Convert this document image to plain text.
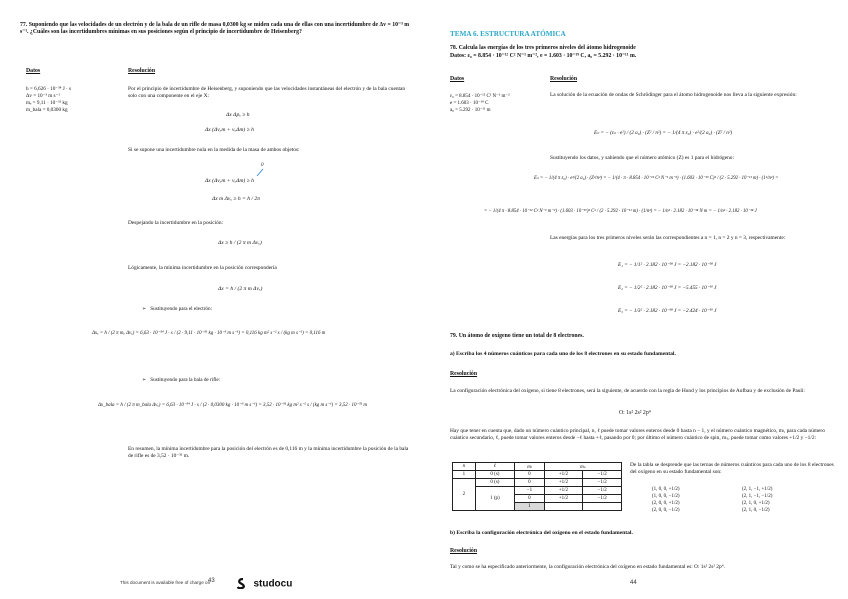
77. Suponiendo que las velocidades de un electrón y de la bala de un rifle de masa 0,0300 kg se miden cada una de ellas con una incertidumbre de Δv = 10⁻³ m s⁻¹. ¿Cuáles son las incertidumbres mínimas en sus posiciones según el principio de incertidumbre de Heisenberg?
Datos	Resolución
h = 6,626 · 10⁻³⁴ J · s
Δv = 10⁻³ m s⁻¹
mₑ = 9,11 · 10⁻³¹ kg
m_bala = 0,0300 kg
Por el principio de incertidumbre de Heisenberg, y suponiendo que las velocidades instantáneas del electrón y de la bala cuentan solo con una componente en el eje X:
Δx Δpₓ ≥ h
Δx (Δvₓm + vₓΔm) ≥ h
Si se supone una incertidumbre nula en la medida de la masa de ambos objetos:
0
Δx (Δvₓm + vₓΔm) ≥ h
Δx m Δvₓ ≥ h = h / 2π
Despejando la incertidumbre en la posición:
Δx ≥ h / (2 π m Δvₓ)
Lógicamente, la mínima incertidumbre en la posición correspondería
Δx = h / (2 π m Δvₓ)
➢   Sustituyendo para el electrón:
Δxₑ = h / (2 π mₑ Δvₓ) = 6,63 · 10⁻³⁴ J · s / (2 · 9,11 · 10⁻³¹ kg · 10⁻³ m s⁻¹) = 0,116 kg m² s⁻² s / (kg m s⁻¹) = 0,116 m
➢   Sustituyendo para la bala de rifle:
Δx_bala = h / (2 π m_bala Δvₓ) = 6,63 · 10⁻³⁴ J · s / (2 · 0,0300 kg · 10⁻³ m s⁻¹) = 3,52 · 10⁻³¹ kg m² s⁻² s / (kg m s⁻¹) = 3,52 · 10⁻³¹ m
En resumen, la mínima incertidumbre para la posición del electrón es de 0,116 m y la mínima incertidumbre la posición de la bala de rifle es de 3,52 · 10⁻³¹ m.
This document is available free of charge on
43	studocu
TEMA 6. ESTRUCTURA ATÓMICA
78. Calcula las energías de los tres primeros niveles del átomo hidrogenoide
Datos: ε₀ = 8.854 · 10⁻¹² C² N⁻¹ m⁻², e = 1.603 · 10⁻¹⁹ C, a₀ = 5.292 · 10⁻¹¹ m.
Datos	Resolución
ε₀ = 8.854 · 10⁻¹² C² N⁻¹ m⁻²
e = 1.603 · 10⁻¹⁹ C
a₀ = 5.292 · 10⁻¹¹ m
La solución de la ecuación de ondas de Schrödinger para el átomo hidrogenoide nos lleva a la siguiente expresión:
Eₙ = − (εₙ · e²) / (2 a₀) · (Z² / n²) = − 1/(4 π ε₀) · e²/(2 a₀) · (Z² / n²)
Sustituyendo los datos, y sabiendo que el número atómico (Z) es 1 para el hidrógeno:
Eₙ = − 1/(4 π ε₀) · e²/(2 a₀) · (Z²/n²) = − 1/(4 · π · 8.854 · 10⁻¹² C² N⁻¹ m⁻²) · (1.603 · 10⁻¹⁹ C)² / (2 · 5.292 · 10⁻¹¹ m) · (1²/n²) =
= − 1/(4 π · 8.854 · 10⁻¹² C² N⁻¹ m⁻²) · (1.603 · 10⁻¹⁹)² C² / (2 · 5.292 · 10⁻¹¹ m) · (1/n²) = − 1/n² · 2.182 · 10⁻¹⁸ N m = − 1/n² · 2.182 · 10⁻¹⁸ J
Las energías para los tres primeros niveles serán las correspondientes a n = 1, n = 2 y n = 3, respectivamente:
E₁ = − 1/1² · 2.182 · 10⁻¹⁸ J = −2.182 · 10⁻¹⁸ J
E₂ = − 1/2² · 2.182 · 10⁻¹⁸ J = −5.455 · 10⁻¹⁹ J
E₃ = − 1/3² · 2.182 · 10⁻¹⁸ J = −2.424 · 10⁻¹⁹ J
79. Un átomo de oxígeno tiene un total de 8 electrones.
a) Escriba los 4 números cuánticos para cada uno de los 8 electrones en su estado fundamental.
Resolución
La configuración electrónica del oxígeno, si tiene 8 electrones, será la siguiente, de acuerdo con la regla de Hund y los principios de Aufbau y de exclusión de Pauli:
O: 1s² 2s² 2p⁴
Hay que tener en cuenta que, dado un número cuántico principal, n, ℓ puede tomar valores enteros desde 0 hasta n − 1, y el número cuántico magnético, mₗ, para cada número cuántico secundario, ℓ, puede tomar valores enteros desde −ℓ hasta +ℓ, pasando por 0; por último el número cuántico de spin, mₛ, puede tomar como valores +1/2 y −1/2:
n	ℓ	mₗ	mₛ	
1	0 (s)	0	+1/2	−1/2
2	0 (s)	0	+1/2	−1/2
	1 (p)	−1	+1/2	−1/2
		0	+1/2	−1/2
		1		
De la tabla se desprende que las ternas de números cuánticos para cada uno de los 8 electrones del oxígeno en su estado fundamental son:
(1, 0, 0, +1/2)
(1, 0, 0, −1/2)
(2, 0, 0, +1/2)
(2, 0, 0, −1/2)
(2, 1, −1, +1/2)
(2, 1, −1, −1/2)
(2, 1, 0, +1/2)
(2, 1, 0, −1/2)
b) Escriba la configuración electrónica del oxígeno en el estado fundamental.
Resolución
Tal y como se ha especificado anteriormente, la configuración electrónica del oxígeno en estado fundamental es: O: 1s² 2s² 2p⁴.
44
